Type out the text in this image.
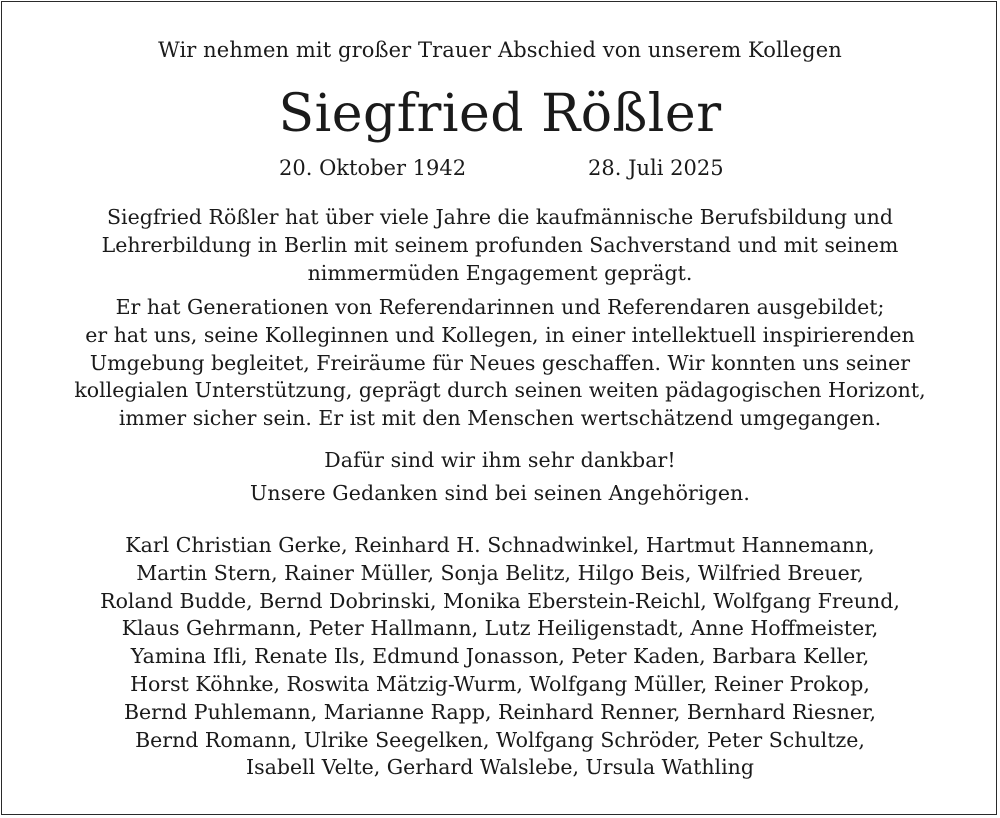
Wir nehmen mit großer Trauer Abschied von unserem Kollegen
Siegfried Rößler
20. Oktober 1942	28. Juli 2025
Siegfried Rößler hat über viele Jahre die kaufmännische Berufsbildung und
Lehrerbildung in Berlin mit seinem profunden Sachverstand und mit seinem
nimmermüden Engagement geprägt.
Er hat Generationen von Referendarinnen und Referendaren ausgebildet;
er hat uns, seine Kolleginnen und Kollegen, in einer intellektuell inspirierenden
Umgebung begleitet, Freiräume für Neues geschaffen. Wir konnten uns seiner
kollegialen Unterstützung, geprägt durch seinen weiten pädagogischen Horizont,
immer sicher sein. Er ist mit den Menschen wertschätzend umgegangen.
Dafür sind wir ihm sehr dankbar!
Unsere Gedanken sind bei seinen Angehörigen.
Karl Christian Gerke, Reinhard H. Schnadwinkel, Hartmut Hannemann,
Martin Stern, Rainer Müller, Sonja Belitz, Hilgo Beis, Wilfried Breuer,
Roland Budde, Bernd Dobrinski, Monika Eberstein-Reichl, Wolfgang Freund,
Klaus Gehrmann, Peter Hallmann, Lutz Heiligenstadt, Anne Hoffmeister,
Yamina Ifli, Renate Ils, Edmund Jonasson, Peter Kaden, Barbara Keller,
Horst Köhnke, Roswita Mätzig-Wurm, Wolfgang Müller, Reiner Prokop,
Bernd Puhlemann, Marianne Rapp, Reinhard Renner, Bernhard Riesner,
Bernd Romann, Ulrike Seegelken, Wolfgang Schröder, Peter Schultze,
Isabell Velte, Gerhard Walslebe, Ursula Wathling
